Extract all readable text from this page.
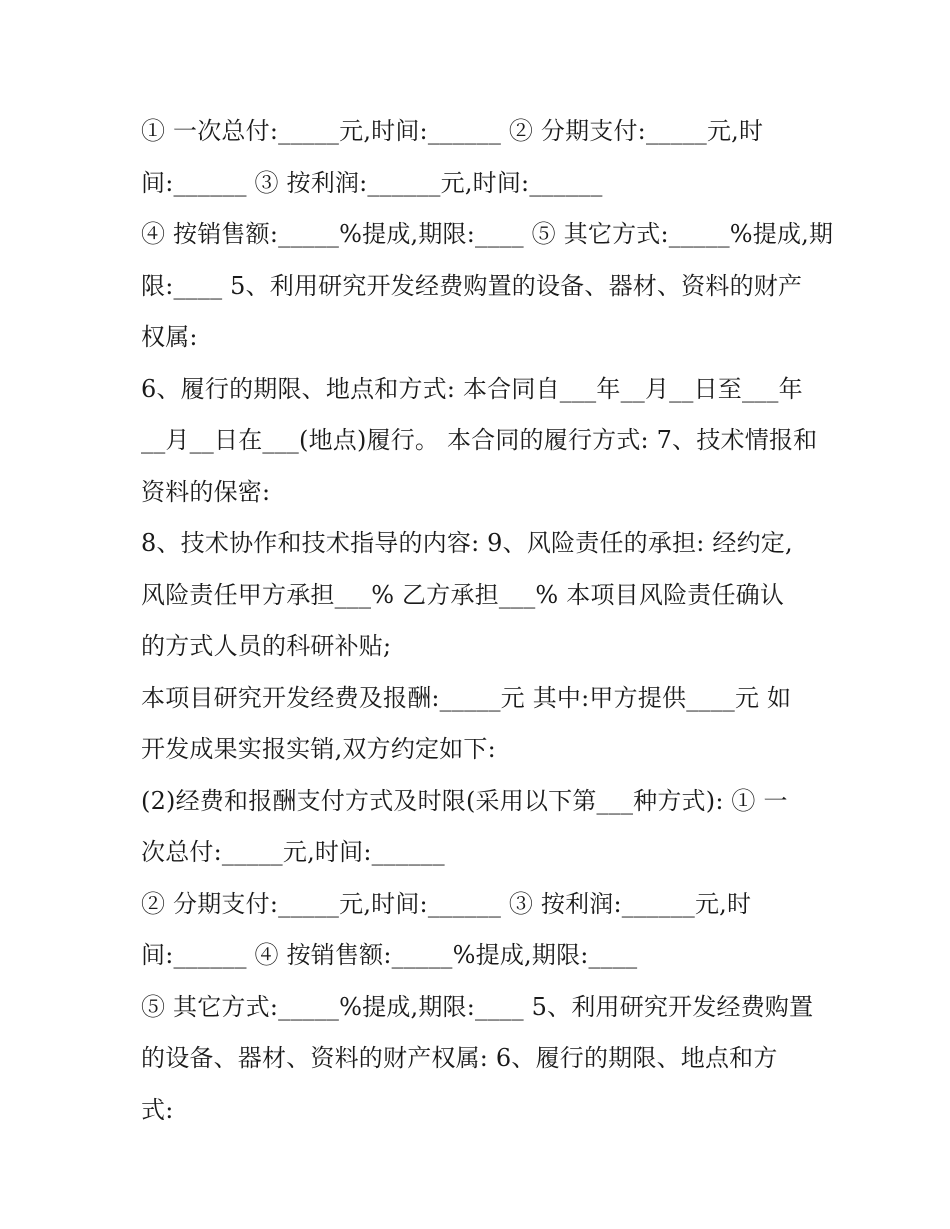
① 一次总付:_____元,时间:______ ② 分期支付:_____元,时
间:______ ③ 按利润:______元,时间:______
④ 按销售额:_____%提成,期限:____ ⑤ 其它方式:_____%提成,期
限:____ 5、利用研究开发经费购置的设备、器材、资料的财产
权属:
6、履行的期限、地点和方式: 本合同自___年__月__日至___年
__月__日在___(地点)履行。 本合同的履行方式: 7、技术情报和
资料的保密:
8、技术协作和技术指导的内容: 9、风险责任的承担: 经约定,
风险责任甲方承担___% 乙方承担___% 本项目风险责任确认
的方式人员的科研补贴;
本项目研究开发经费及报酬:_____元 其中:甲方提供____元 如
开发成果实报实销,双方约定如下:
(2)经费和报酬支付方式及时限(采用以下第___种方式): ① 一
次总付:_____元,时间:______
② 分期支付:_____元,时间:______ ③ 按利润:______元,时
间:______ ④ 按销售额:_____%提成,期限:____
⑤ 其它方式:_____%提成,期限:____ 5、利用研究开发经费购置
的设备、器材、资料的财产权属: 6、履行的期限、地点和方
式:
